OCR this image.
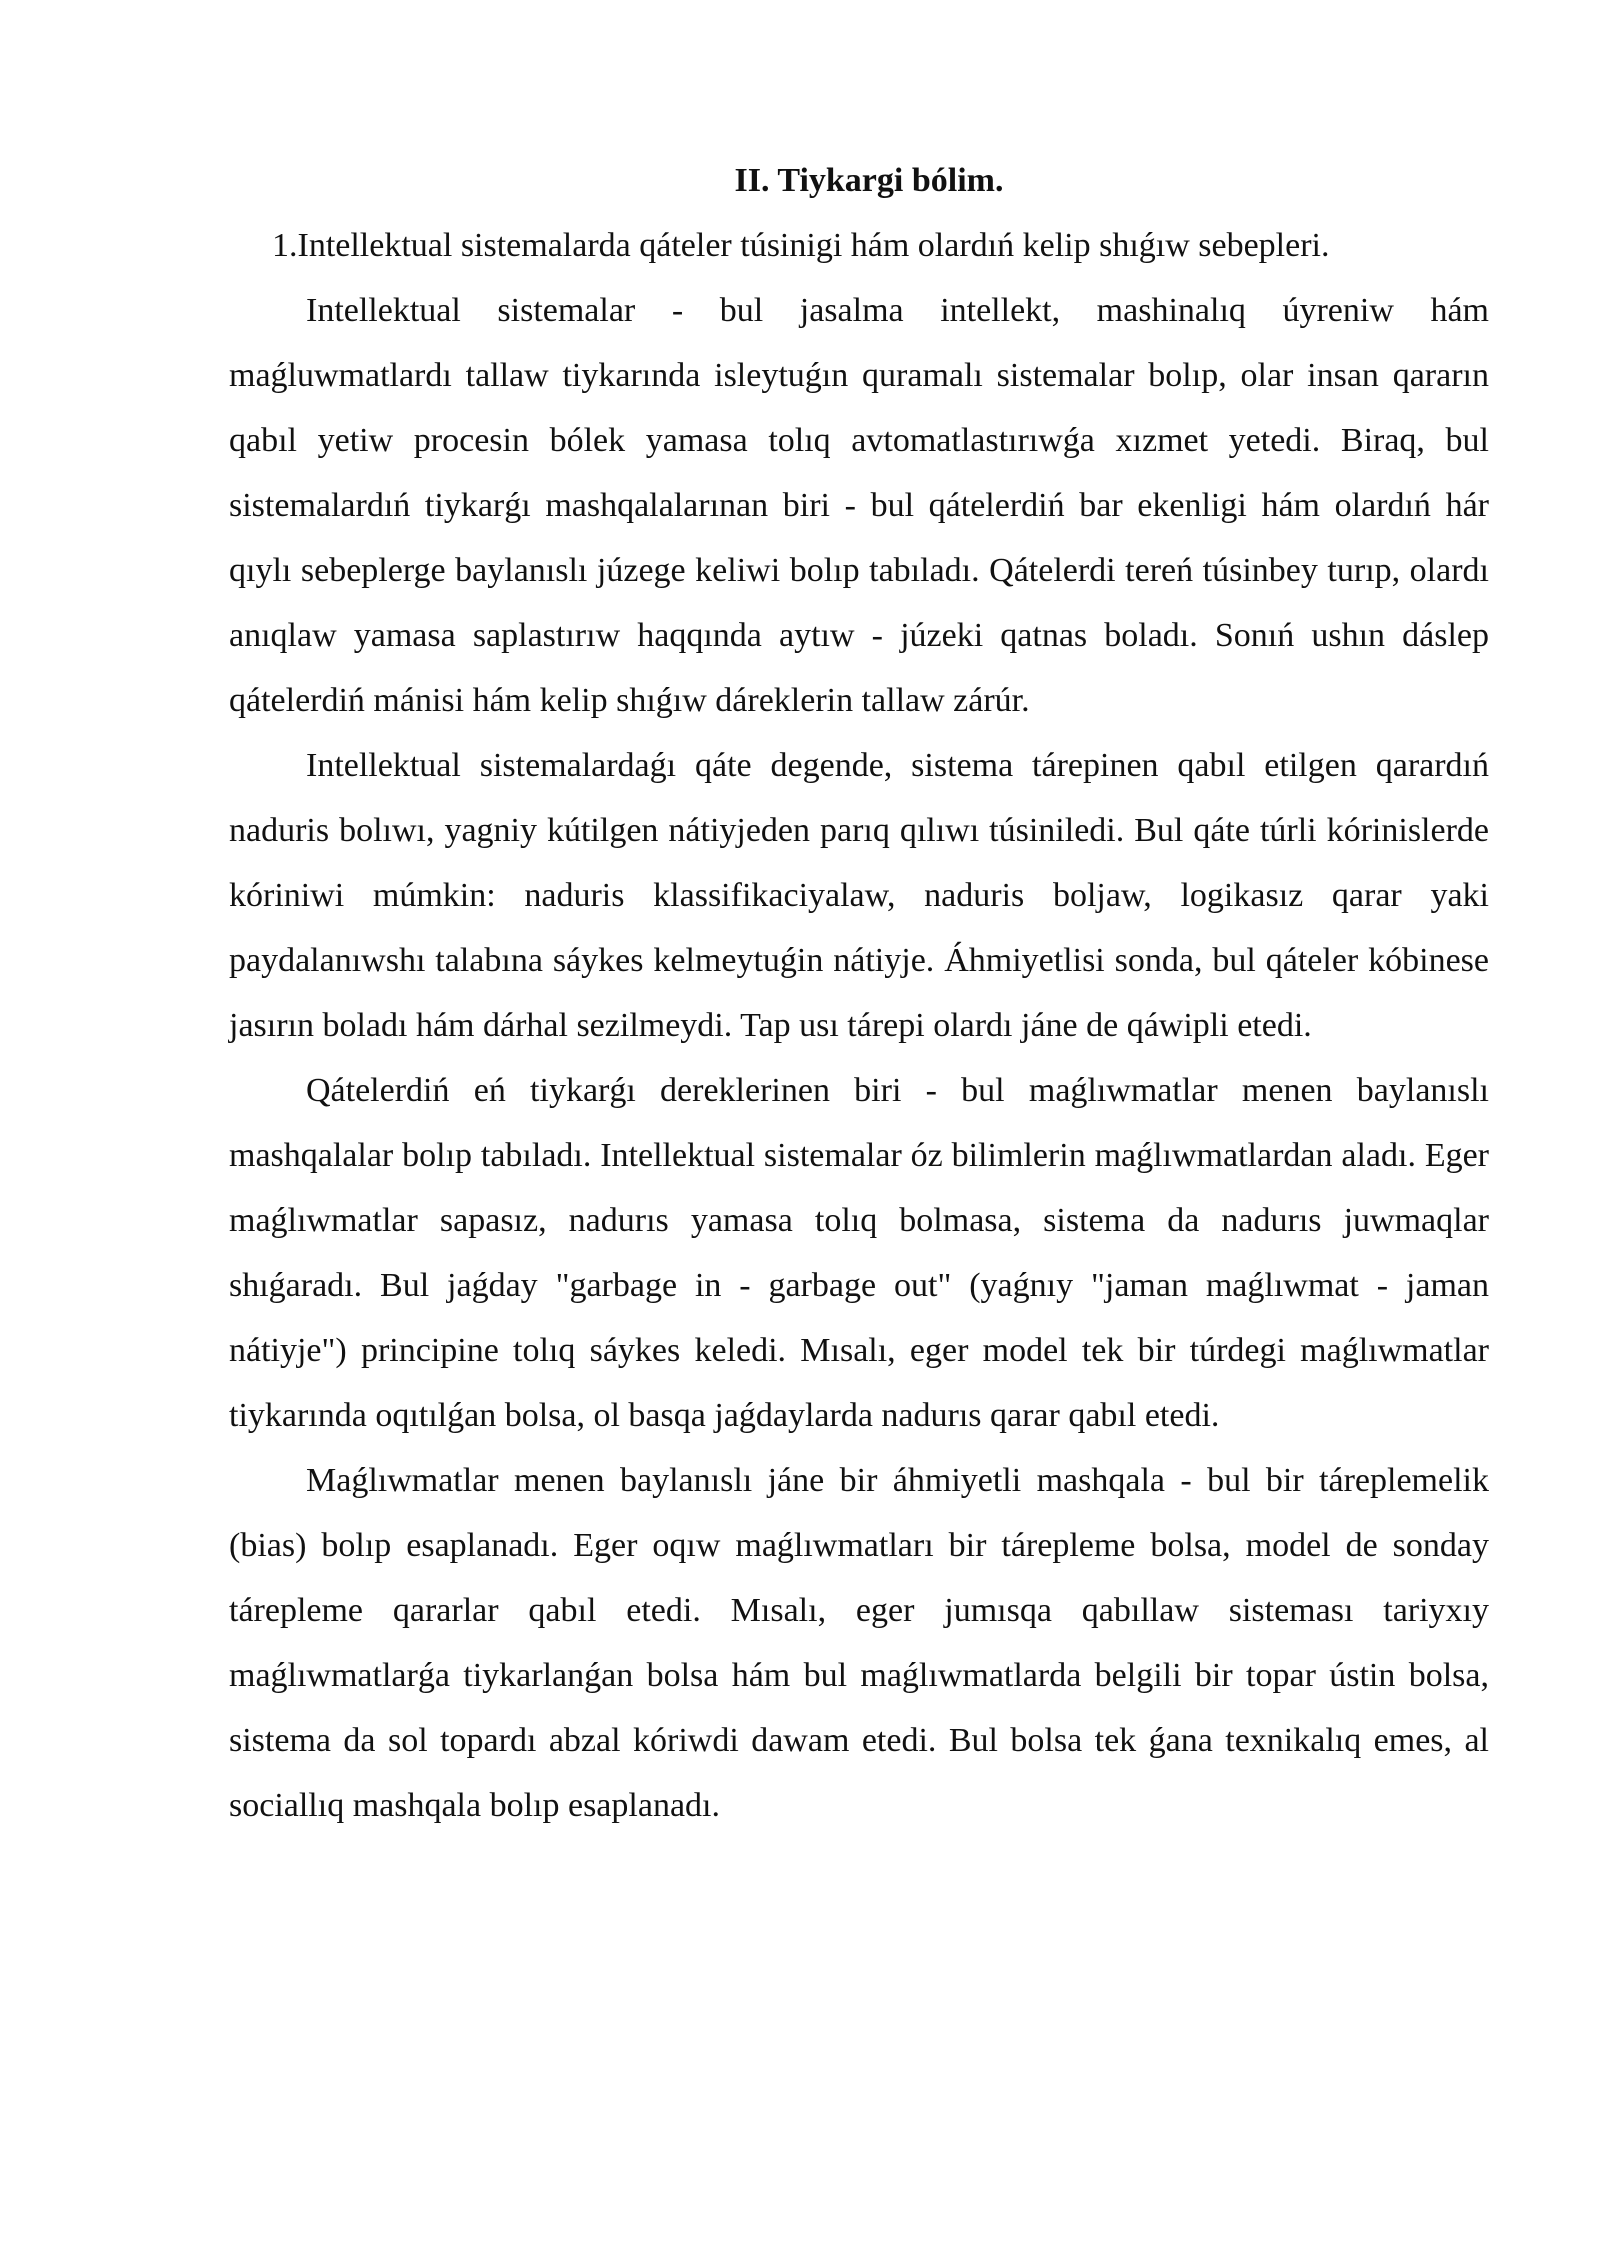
II. Tiykargi bólim.

1.Intellektual sistemalarda qáteler túsinigi hám olardıń kelip shıǵıw sebepleri.

Intellektual sistemalar - bul jasalma intellekt, mashinalıq úyreniw hám maǵluwmatlardı tallaw tiykarında isleytuǵın quramalı sistemalar bolıp, olar insan qararın qabıl yetiw procesin bólek yamasa tolıq avtomatlastırıwǵa xızmet yetedi. Biraq, bul sistemalardıń tiykarǵı mashqalalarınan biri - bul qátelerdiń bar ekenligi hám olardıń hár qıylı sebeplerge baylanıslı júzege keliwi bolıp tabıladı. Qátelerdi tereń túsinbey turıp, olardı anıqlaw yamasa saplastırıw haqqında aytıw - júzeki qatnas boladı. Sonıń ushın dáslep qátelerdiń mánisi hám kelip shıǵıw dáreklerin tallaw zárúr.

Intellektual sistemalardaǵı qáte degende, sistema tárepinen qabıl etilgen qarardıń naduris bolıwı, yagniy kútilgen nátiyjeden parıq qılıwı túsiniledi. Bul qáte túrli kórinislerde kóriniwi múmkin: naduris klassifikaciyalaw, naduris boljaw, logikasız qarar yaki paydalanıwshı talabına sáykes kelmeytuǵin nátiyje. Áhmiyetlisi sonda, bul qáteler kóbinese jasırın boladı hám dárhal sezilmeydi. Tap usı tárepi olardı jáne de qáwipli etedi.

Qátelerdiń eń tiykarǵı dereklerinen biri - bul maǵlıwmatlar menen baylanıslı mashqalalar bolıp tabıladı. Intellektual sistemalar óz bilimlerin maǵlıwmatlardan aladı. Eger maǵlıwmatlar sapasız, nadurıs yamasa tolıq bolmasa, sistema da nadurıs juwmaqlar shıǵaradı. Bul jaǵday "garbage in - garbage out" (yaǵnıy "jaman maǵlıwmat - jaman nátiyje") principine tolıq sáykes keledi. Mısalı, eger model tek bir túrdegi maǵlıwmatlar tiykarında oqıtılǵan bolsa, ol basqa jaǵdaylarda nadurıs qarar qabıl etedi.

Maǵlıwmatlar menen baylanıslı jáne bir áhmiyetli mashqala - bul bir táreplemelik (bias) bolıp esaplanadı. Eger oqıw maǵlıwmatları bir tárepleme bolsa, model de sonday tárepleme qararlar qabıl etedi. Mısalı, eger jumısqa qabıllaw sisteması tariyxıy maǵlıwmatlarǵa tiykarlanǵan bolsa hám bul maǵlıwmatlarda belgili bir topar ústin bolsa, sistema da sol topardı abzal kóriwdi dawam etedi. Bul bolsa tek ǵana texnikalıq emes, al sociallıq mashqala bolıp esaplanadı.
